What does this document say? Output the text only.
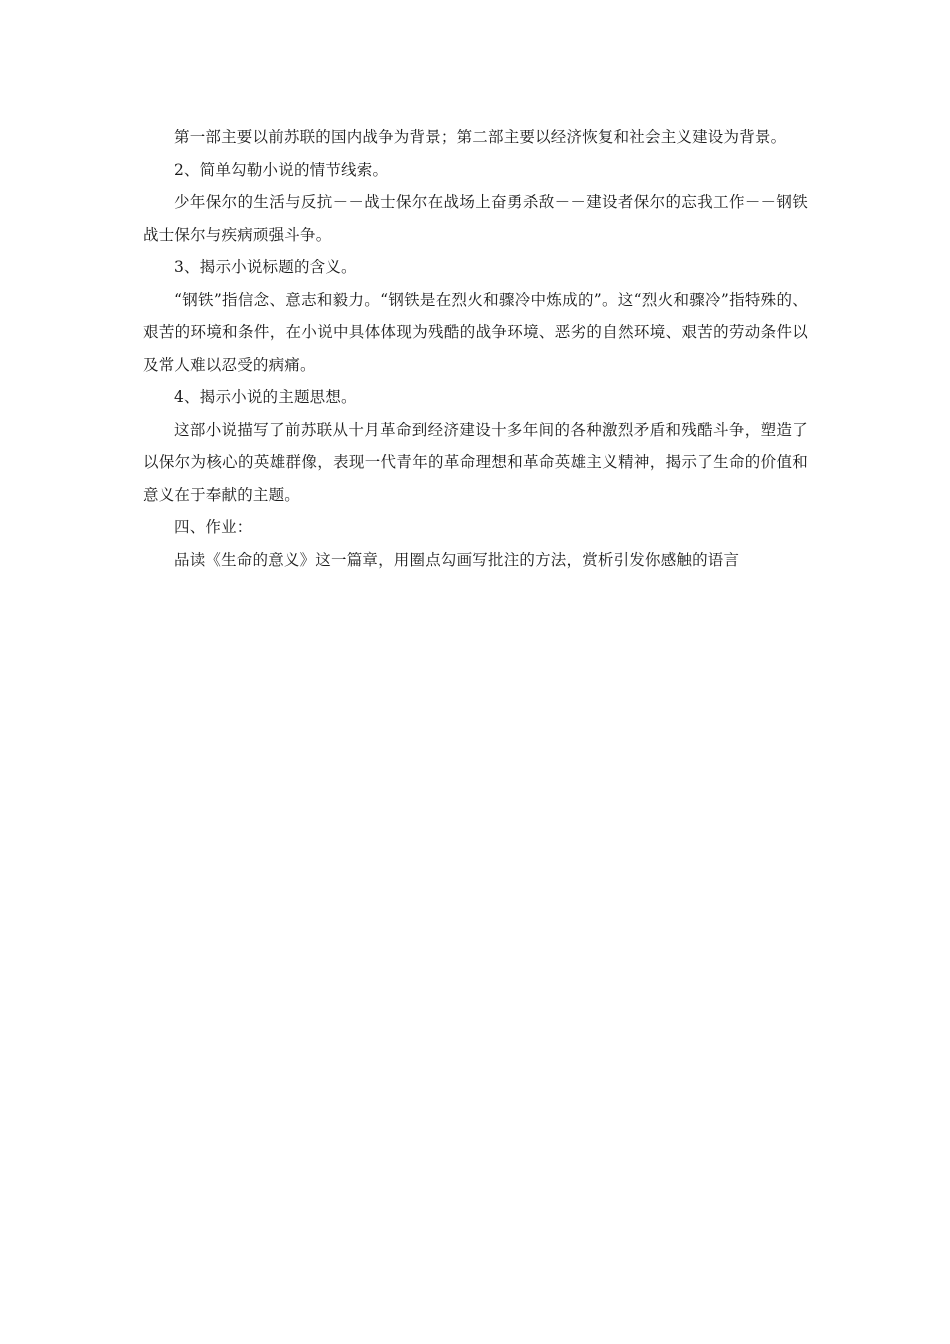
第一部主要以前苏联的国内战争为背景；第二部主要以经济恢复和社会主义建设为背景。

2、简单勾勒小说的情节线索。

少年保尔的生活与反抗－－战士保尔在战场上奋勇杀敌－－建设者保尔的忘我工作－－钢铁战士保尔与疾病顽强斗争。

3、揭示小说标题的含义。

“钢铁”指信念、意志和毅力。“钢铁是在烈火和骤冷中炼成的”。这“烈火和骤冷”指特殊的、艰苦的环境和条件，在小说中具体体现为残酷的战争环境、恶劣的自然环境、艰苦的劳动条件以及常人难以忍受的病痛。

4、揭示小说的主题思想。

这部小说描写了前苏联从十月革命到经济建设十多年间的各种激烈矛盾和残酷斗争，塑造了以保尔为核心的英雄群像，表现一代青年的革命理想和革命英雄主义精神，揭示了生命的价值和意义在于奉献的主题。

四、作业：

品读《生命的意义》这一篇章，用圈点勾画写批注的方法，赏析引发你感触的语言
